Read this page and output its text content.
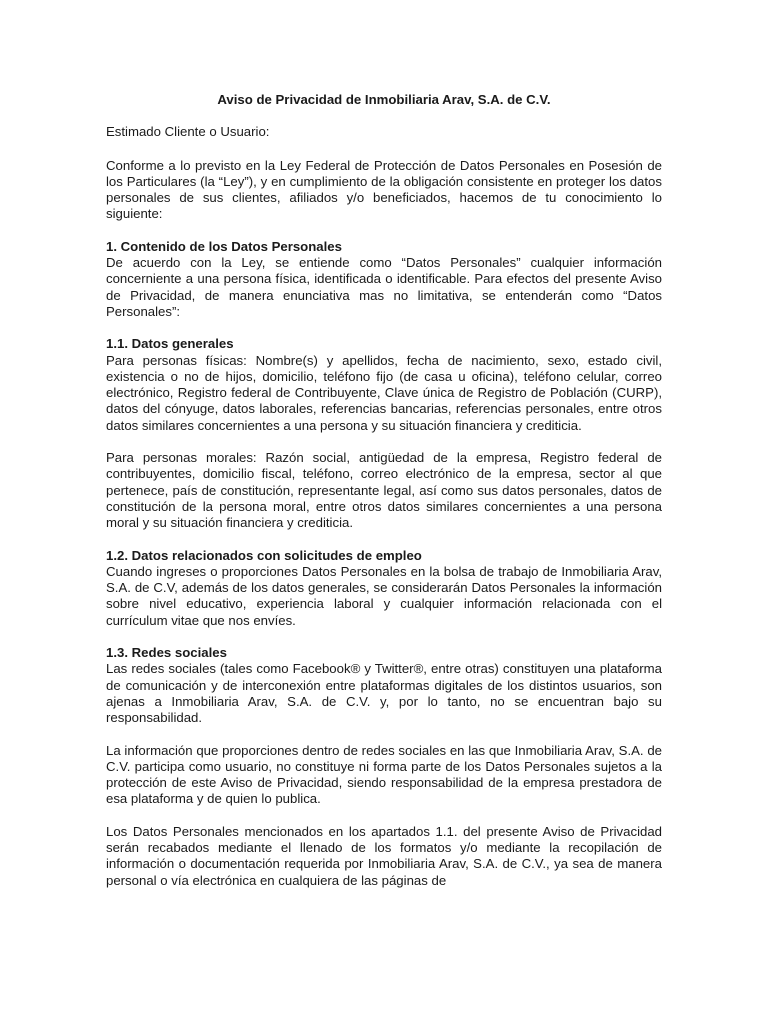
Aviso de Privacidad de Inmobiliaria Arav, S.A. de C.V.
Estimado Cliente o Usuario:

Conforme a lo previsto en la Ley Federal de Protección de Datos Personales en Posesión de los Particulares (la “Ley”), y en cumplimiento de la obligación consistente en proteger los datos personales de sus clientes, afiliados y/o beneficiados, hacemos de tu conocimiento lo siguiente:

1. Contenido de los Datos Personales

De acuerdo con la Ley, se entiende como “Datos Personales” cualquier información concerniente a una persona física, identificada o identificable. Para efectos del presente Aviso de Privacidad, de manera enunciativa mas no limitativa, se entenderán como “Datos Personales”:

1.1. Datos generales

Para personas físicas: Nombre(s) y apellidos, fecha de nacimiento, sexo, estado civil, existencia o no de hijos, domicilio, teléfono fijo (de casa u oficina), teléfono celular, correo electrónico, Registro federal de Contribuyente, Clave única de Registro de Población (CURP), datos del cónyuge, datos laborales, referencias bancarias, referencias personales, entre otros datos similares concernientes a una persona y su situación financiera y crediticia.

Para personas morales: Razón social, antigüedad de la empresa, Registro federal de contribuyentes, domicilio fiscal, teléfono, correo electrónico de la empresa, sector al que pertenece, país de constitución, representante legal, así como sus datos personales, datos de constitución de la persona moral, entre otros datos similares concernientes a una persona moral y su situación financiera y crediticia.

1.2. Datos relacionados con solicitudes de empleo

Cuando ingreses o proporciones Datos Personales en la bolsa de trabajo de Inmobiliaria Arav, S.A. de C.V, además de los datos generales, se considerarán Datos Personales la información sobre nivel educativo, experiencia laboral y cualquier información relacionada con el currículum vitae que nos envíes.

1.3. Redes sociales

Las redes sociales (tales como Facebook® y Twitter®, entre otras) constituyen una plataforma de comunicación y de interconexión entre plataformas digitales de los distintos usuarios, son ajenas a Inmobiliaria Arav, S.A. de C.V. y, por lo tanto, no se encuentran bajo su responsabilidad.

La información que proporciones dentro de redes sociales en las que Inmobiliaria Arav, S.A. de C.V. participa como usuario, no constituye ni forma parte de los Datos Personales sujetos a la protección de este Aviso de Privacidad, siendo responsabilidad de la empresa prestadora de esa plataforma y de quien lo publica.

Los Datos Personales mencionados en los apartados 1.1. del presente Aviso de Privacidad serán recabados mediante el llenado de los formatos y/o mediante la recopilación de información o documentación requerida por Inmobiliaria Arav, S.A. de C.V., ya sea de manera personal o vía electrónica en cualquiera de las páginas de
